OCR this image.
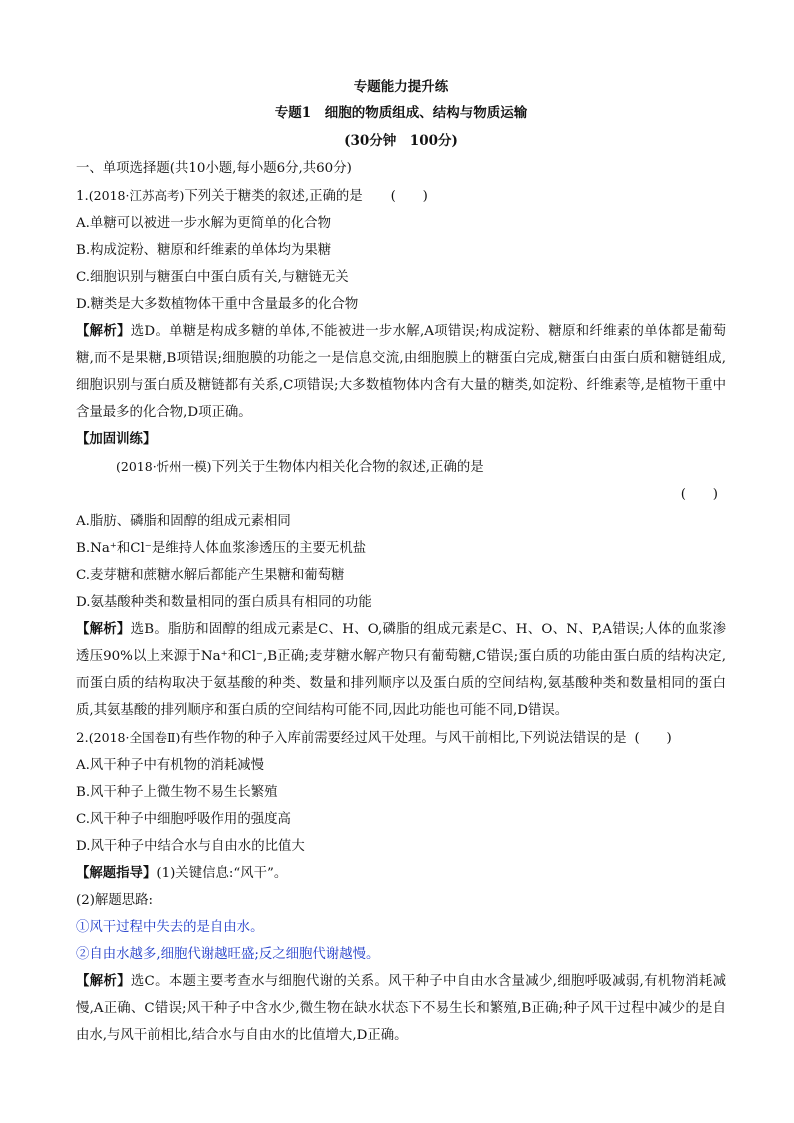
专题能力提升练
专题1　细胞的物质组成、结构与物质运输
(30分钟　100分)
一、单项选择题(共10小题,每小题6分,共60分)
1.(2018·江苏高考)下列关于糖类的叙述,正确的是 (　　)
A.单糖可以被进一步水解为更简单的化合物
B.构成淀粉、糖原和纤维素的单体均为果糖
C.细胞识别与糖蛋白中蛋白质有关,与糖链无关
D.糖类是大多数植物体干重中含量最多的化合物
【解析】选D。单糖是构成多糖的单体,不能被进一步水解,A项错误;构成淀粉、糖原和纤维素的单体都是葡萄糖,而不是果糖,B项错误;细胞膜的功能之一是信息交流,由细胞膜上的糖蛋白完成,糖蛋白由蛋白质和糖链组成,细胞识别与蛋白质及糖链都有关系,C项错误;大多数植物体内含有大量的糖类,如淀粉、纤维素等,是植物干重中含量最多的化合物,D项正确。
【加固训练】
(2018·忻州一模)下列关于生物体内相关化合物的叙述,正确的是
(　　)
A.脂肪、磷脂和固醇的组成元素相同
B.Na⁺和Cl⁻是维持人体血浆渗透压的主要无机盐
C.麦芽糖和蔗糖水解后都能产生果糖和葡萄糖
D.氨基酸种类和数量相同的蛋白质具有相同的功能
【解析】选B。脂肪和固醇的组成元素是C、H、O,磷脂的组成元素是C、H、O、N、P,A错误;人体的血浆渗透压90%以上来源于Na⁺和Cl⁻,B正确;麦芽糖水解产物只有葡萄糖,C错误;蛋白质的功能由蛋白质的结构决定,而蛋白质的结构取决于氨基酸的种类、数量和排列顺序以及蛋白质的空间结构,氨基酸种类和数量相同的蛋白质,其氨基酸的排列顺序和蛋白质的空间结构可能不同,因此功能也可能不同,D错误。
2.(2018·全国卷Ⅱ)有些作物的种子入库前需要经过风干处理。与风干前相比,下列说法错误的是 (　　)
A.风干种子中有机物的消耗减慢
B.风干种子上微生物不易生长繁殖
C.风干种子中细胞呼吸作用的强度高
D.风干种子中结合水与自由水的比值大
【解题指导】(1)关键信息:“风干”。
(2)解题思路:
①风干过程中失去的是自由水。
②自由水越多,细胞代谢越旺盛;反之细胞代谢越慢。
【解析】选C。本题主要考查水与细胞代谢的关系。风干种子中自由水含量减少,细胞呼吸减弱,有机物消耗减慢,A正确、C错误;风干种子中含水少,微生物在缺水状态下不易生长和繁殖,B正确;种子风干过程中减少的是自由水,与风干前相比,结合水与自由水的比值增大,D正确。
